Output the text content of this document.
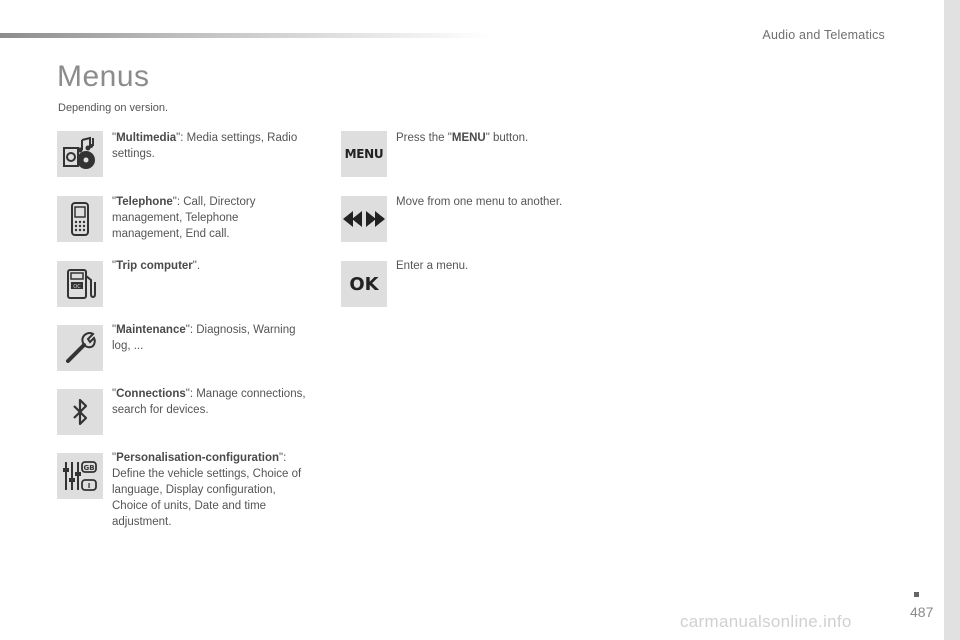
Audio and Telematics
Menus

Depending on version.

"Multimedia": Media settings, Radio settings.

"Telephone": Call, Directory management, Telephone management, End call.

OC

"Trip computer".

"Maintenance": Diagnosis, Warning log, ...

"Connections": Manage connections, search for devices.

GB
I

"Personalisation-configuration": Define the vehicle settings, Choice of language, Display configuration, Choice of units, Date and time adjustment.

MENU

Press the "MENU" button.

Move from one menu to another.

OK

Enter a menu.

487
carmanualsonline.info
